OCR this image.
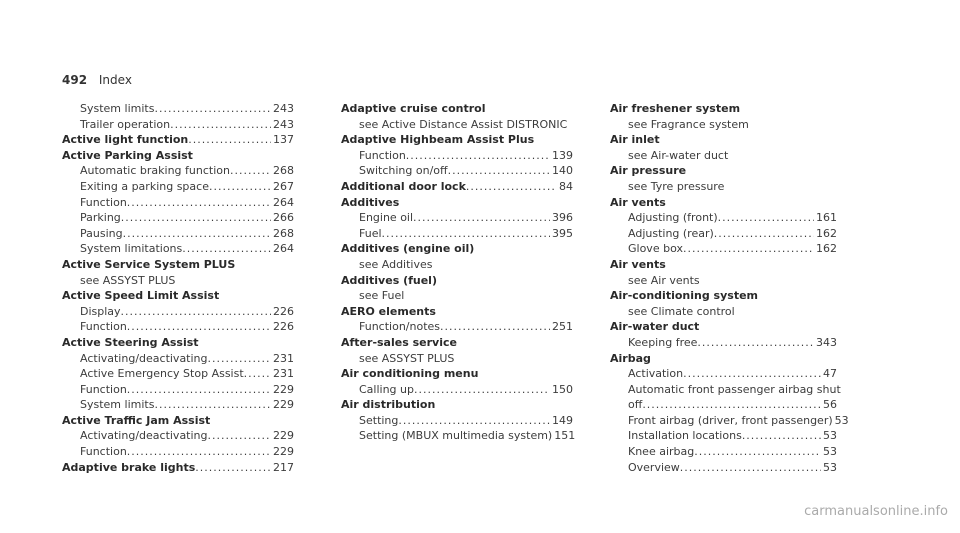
492 Index
System limits .....	243
Trailer operation .....	243
Active light function .....	137
Active Parking Assist
Automatic braking function .....	268
Exiting a parking space .....	267
Function .....	264
Parking .....	266
Pausing .....	268
System limitations .....	264
Active Service System PLUS
see ASSYST PLUS
Active Speed Limit Assist
Display .....	226
Function .....	226
Active Steering Assist
Activating/deactivating .....	231
Active Emergency Stop Assist .....	231
Function .....	229
System limits .....	229
Active Traffic Jam Assist
Activating/deactivating .....	229
Function .....	229
Adaptive brake lights .....	217
Adaptive cruise control
see Active Distance Assist DISTRONIC
Adaptive Highbeam Assist Plus
Function .....	139
Switching on/off .....	140
Additional door lock .....	84
Additives
Engine oil .....	396
Fuel .....	395
Additives (engine oil)
see Additives
Additives (fuel)
see Fuel
AERO elements
Function/notes .....	251
After-sales service
see ASSYST PLUS
Air conditioning menu
Calling up .....	150
Air distribution
Setting .....	149
Setting (MBUX multimedia system) 151
Air freshener system
see Fragrance system
Air inlet
see Air-water duct
Air pressure
see Tyre pressure
Air vents
Adjusting (front) .....	161
Adjusting (rear) .....	162
Glove box .....	162
Air vents
see Air vents
Air-conditioning system
see Climate control
Air-water duct
Keeping free .....	343
Airbag
Activation .....	47
Automatic front passenger airbag shut
off .....	56
Front airbag (driver, front passenger) 53
Installation locations .....	53
Knee airbag .....	53
Overview .....	53
carmanualsonline.info
